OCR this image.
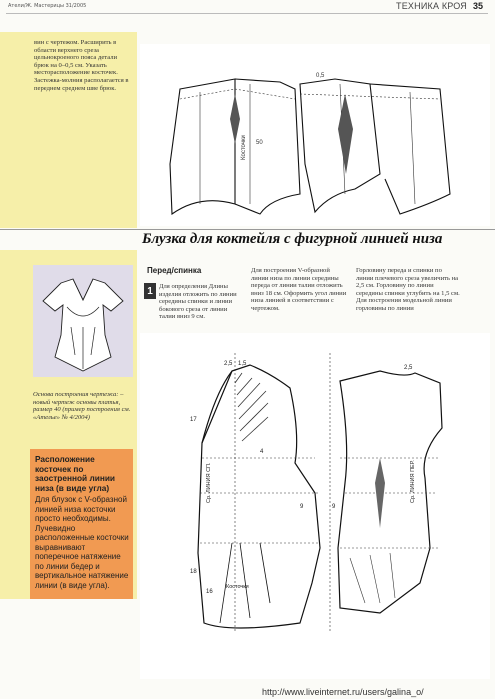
Атели/Ж. Мастерицы 31/2005	ТЕХНИКА КРОЯ 35
вин с чертежом. Расширить в области верхнего среза цельнокроеного пояса детали брюк на 0–0,5 см. Указать месторасположение косточек. Застежка-молния располагается в переднем среднем шве брюк.
Косточки 50
0,5
Блузка для коктейля с фигурной линией низа
Основа построения чертежа: – новый чертеж основы платья, размер 40 (пример построения см. «Ателье» № 4/2004)
Расположение косточек по заостренной линии низа (в виде угла)
Для блузок с V-образной линией низа косточки просто необходимы. Лучевидно расположенные косточки выравнивают поперечное натяжение по линии бедер и вертикальное натяжение линии (в виде угла).
Перед/спинка
1 Для определения Длины изделия отложить по линии середины спинки и линии бокового среза от линии талии вниз 9 см.
Для построения V-образной линии низа по линии середины переда от линии талии отложить вниз 18 см. Оформить угол линии низа линией в соответствии с чертежом.
Горловину переда и спинки по линии плечевого среза увеличить на 2,5 см. Горловину по линии середины спинки углубить на 1,5 см. Для построения модельной линии горловины по линии
2,5 1,5
2,5
17
4
9	9
18
16
Ср. ЛИНИЯ СП.	Ср. ЛИНИЯ ПЕР.
Косточки
http://www.liveinternet.ru/users/galina_o/
